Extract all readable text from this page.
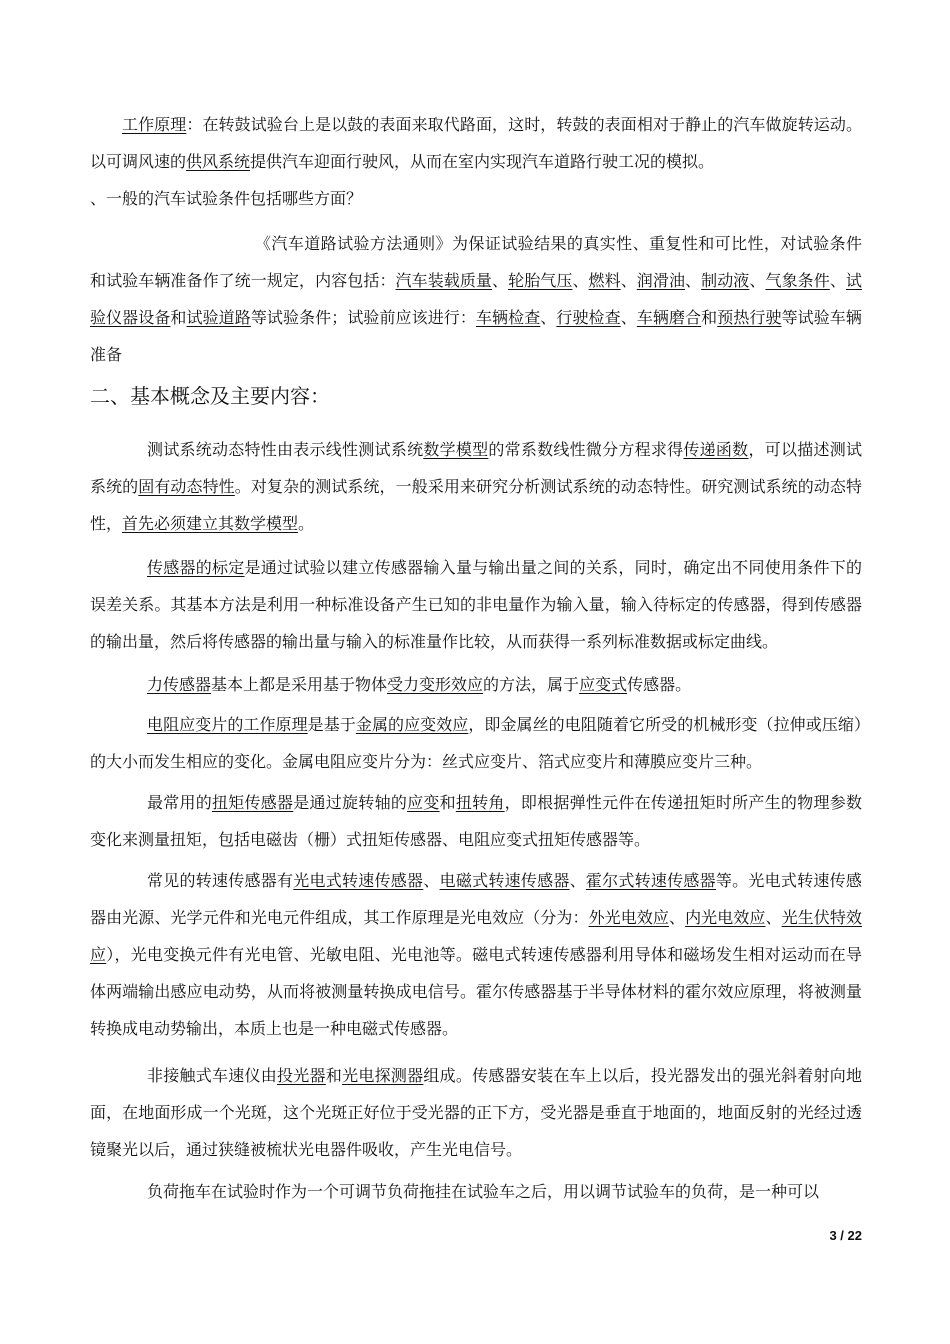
工作原理：在转鼓试验台上是以鼓的表面来取代路面，这时，转鼓的表面相对于静止的汽车做旋转运动。以可调风速的供风系统提供汽车迎面行驶风，从而在室内实现汽车道路行驶工况的模拟。

、一般的汽车试验条件包括哪些方面？

《汽车道路试验方法通则》为保证试验结果的真实性、重复性和可比性，对试验条件和试验车辆准备作了统一规定，内容包括：汽车装载质量、轮胎气压、燃料、润滑油、制动液、气象条件、试验仪器设备和试验道路等试验条件；试验前应该进行：车辆检查、行驶检查、车辆磨合和预热行驶等试验车辆准备

二、基本概念及主要内容：

测试系统动态特性由表示线性测试系统数学模型的常系数线性微分方程求得传递函数，可以描述测试系统的固有动态特性。对复杂的测试系统，一般采用来研究分析测试系统的动态特性。研究测试系统的动态特性，首先必须建立其数学模型。

传感器的标定是通过试验以建立传感器输入量与输出量之间的关系，同时，确定出不同使用条件下的误差关系。其基本方法是利用一种标准设备产生已知的非电量作为输入量，输入待标定的传感器，得到传感器的输出量，然后将传感器的输出量与输入的标准量作比较，从而获得一系列标准数据或标定曲线。

力传感器基本上都是采用基于物体受力变形效应的方法，属于应变式传感器。

电阻应变片的工作原理是基于金属的应变效应，即金属丝的电阻随着它所受的机械形变（拉伸或压缩）的大小而发生相应的变化。金属电阻应变片分为：丝式应变片、箔式应变片和薄膜应变片三种。

最常用的扭矩传感器是通过旋转轴的应变和扭转角，即根据弹性元件在传递扭矩时所产生的物理参数变化来测量扭矩，包括电磁齿（栅）式扭矩传感器、电阻应变式扭矩传感器等。

常见的转速传感器有光电式转速传感器、电磁式转速传感器、霍尔式转速传感器等。光电式转速传感器由光源、光学元件和光电元件组成，其工作原理是光电效应（分为：外光电效应、内光电效应、光生伏特效应），光电变换元件有光电管、光敏电阻、光电池等。磁电式转速传感器利用导体和磁场发生相对运动而在导体两端输出感应电动势，从而将被测量转换成电信号。霍尔传感器基于半导体材料的霍尔效应原理，将被测量转换成电动势输出，本质上也是一种电磁式传感器。

非接触式车速仪由投光器和光电探测器组成。传感器安装在车上以后，投光器发出的强光斜着射向地面，在地面形成一个光斑，这个光斑正好位于受光器的正下方，受光器是垂直于地面的，地面反射的光经过透镜聚光以后，通过狭缝被梳状光电器件吸收，产生光电信号。

负荷拖车在试验时作为一个可调节负荷拖挂在试验车之后，用以调节试验车的负荷，是一种可以

3 / 22
